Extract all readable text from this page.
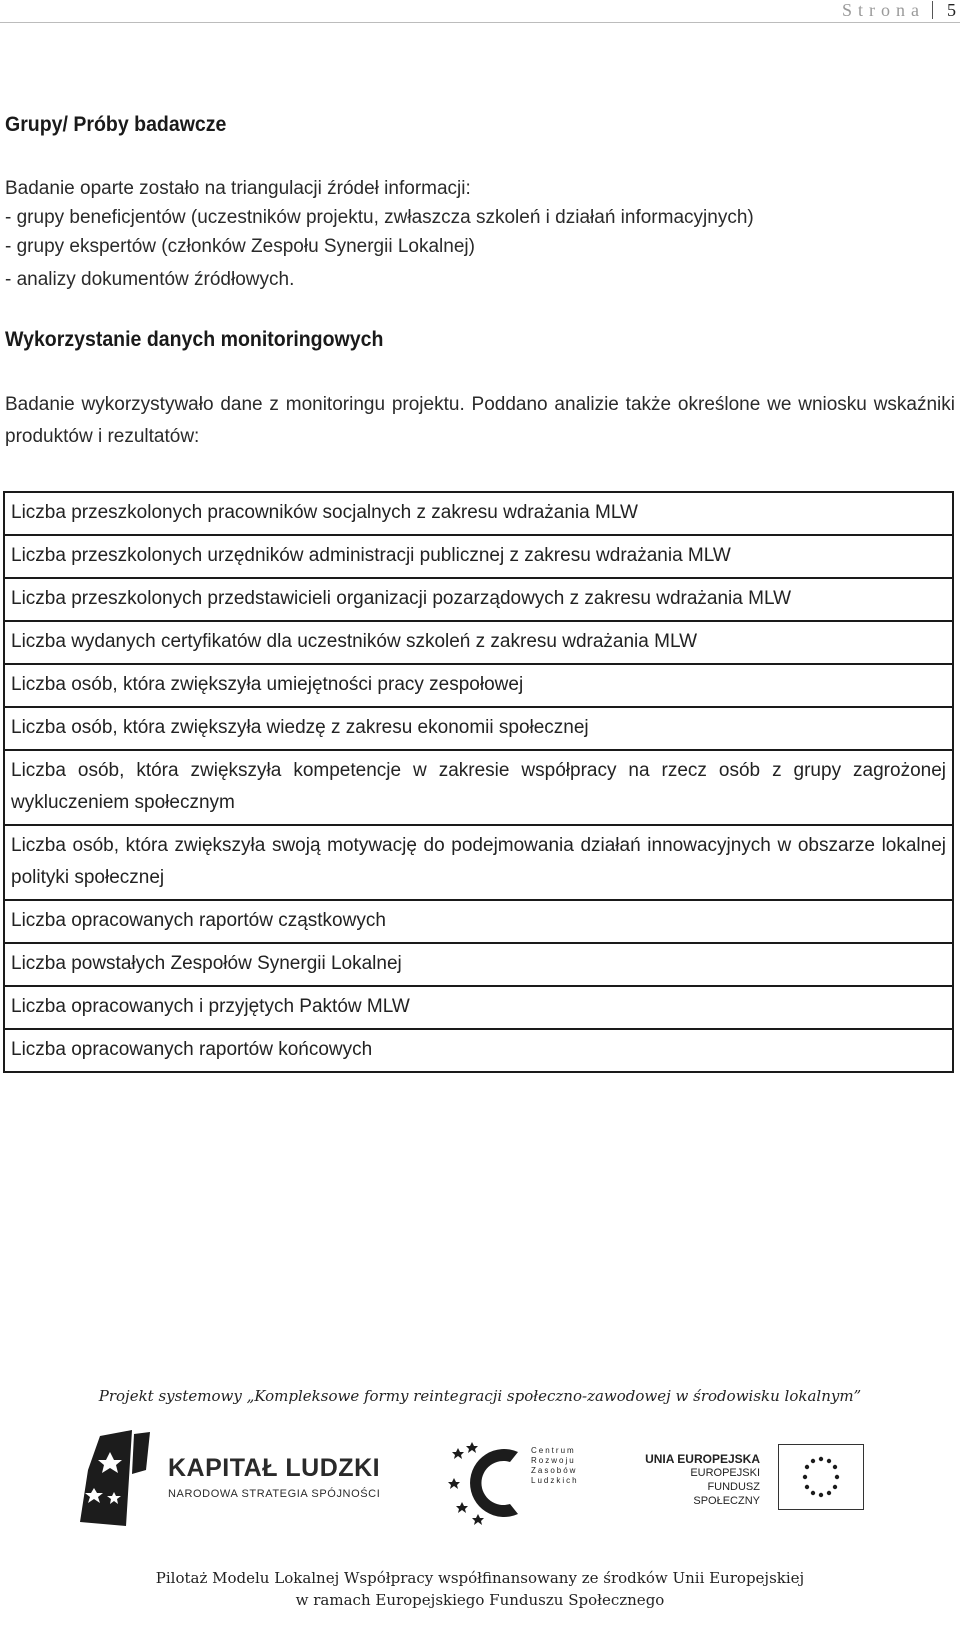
Strona 5
Grupy/ Próby badawcze

Badanie oparte zostało na triangulacji źródeł informacji:

- grupy beneficjentów (uczestników projektu, zwłaszcza szkoleń i działań informacyjnych)

- grupy ekspertów (członków Zespołu Synergii Lokalnej)

- analizy dokumentów źródłowych.

Wykorzystanie danych monitoringowych

Badanie wykorzystywało dane z monitoringu projektu. Poddano analizie także określone we wniosku wskaźniki produktów i rezultatów:

Liczba przeszkolonych pracowników socjalnych z zakresu wdrażania MLW
Liczba przeszkolonych urzędników administracji publicznej z zakresu wdrażania MLW
Liczba przeszkolonych przedstawicieli organizacji pozarządowych z zakresu wdrażania MLW
Liczba wydanych certyfikatów dla uczestników szkoleń z zakresu wdrażania MLW
Liczba osób, która zwiększyła umiejętności pracy zespołowej
Liczba osób, która zwiększyła wiedzę z zakresu ekonomii społecznej
Liczba osób, która zwiększyła kompetencje w zakresie współpracy na rzecz osób z grupy zagrożonej wykluczeniem społecznym
Liczba osób, która zwiększyła swoją motywację do podejmowania działań innowacyjnych w obszarze lokalnej polityki społecznej
Liczba opracowanych raportów cząstkowych
Liczba powstałych Zespołów Synergii Lokalnej
Liczba opracowanych i przyjętych Paktów MLW
Liczba opracowanych raportów końcowych
Projekt systemowy „Kompleksowe formy reintegracji społeczno-zawodowej w środowisku lokalnym”
KAPITAŁ LUDZKI
NARODOWA STRATEGIA SPÓJNOŚCI
Centrum
Rozwoju
Zasobów
Ludzkich
UNIA EUROPEJSKA
EUROPEJSKI
FUNDUSZ SPOŁECZNY
Pilotaż Modelu Lokalnej Współpracy współfinansowany ze środków Unii Europejskiej
w ramach Europejskiego Funduszu Społecznego
